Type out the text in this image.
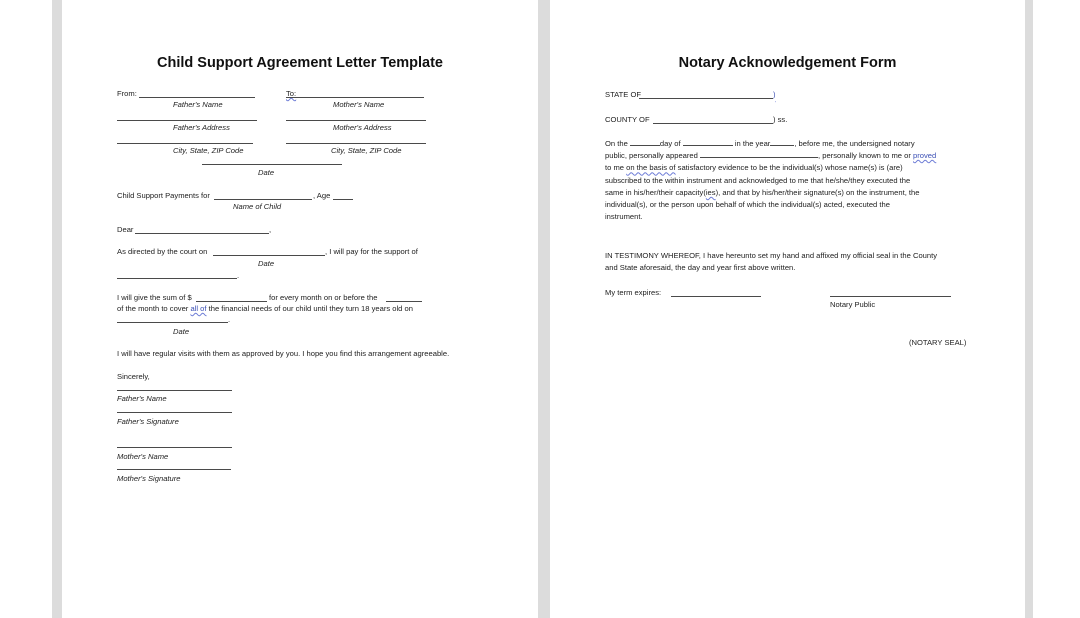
Child Support Agreement Letter Template
From:	To:
Father's Name	Mother's Name
Father's Address	Mother's Address
City, State, ZIP Code	City, State, ZIP Code
Date
Child Support Payments for	, Age
Name of Child
Dear	,
As directed by the court on	, I will pay for the support of
Date
.
I will give the sum of $	for every month on or before the
of the month to cover all of the financial needs of our child until they turn 18 years old on
.
Date
I will have regular visits with them as approved by you. I hope you find this arrangement agreeable.
Sincerely,
Father's Name
Father's Signature
Mother's Name
Mother's Signature
Notary Acknowledgement Form
STATE OF	)
COUNTY OF	) ss.
On the	day of	in the year	, before me, the undersigned notary
public, personally appeared	, personally known to me or proved
to me on the basis of satisfactory evidence to be the individual(s) whose name(s) is (are)
subscribed to the within instrument and acknowledged to me that he/she/they executed the
same in his/her/their capacity(ies), and that by his/her/their signature(s) on the instrument, the
individual(s), or the person upon behalf of which the individual(s) acted, executed the
instrument.
IN TESTIMONY WHEREOF, I have hereunto set my hand and affixed my official seal in the County
and State aforesaid, the day and year first above written.
My term expires:
Notary Public
(NOTARY SEAL)
